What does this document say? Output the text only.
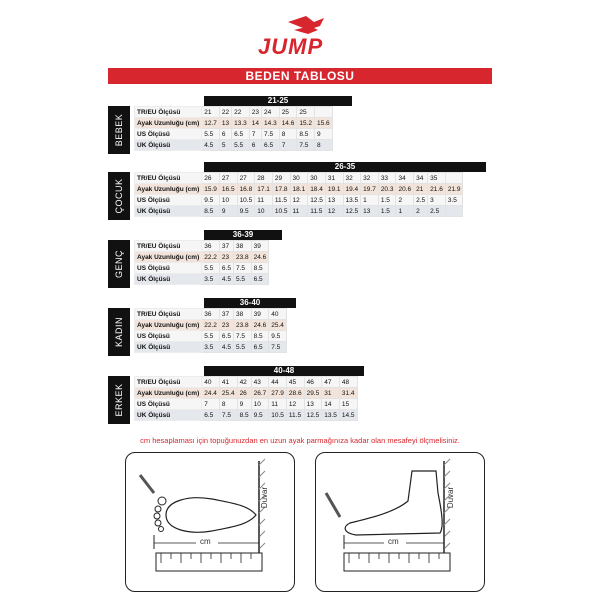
JUMP
BEDEN TABLOSU
21-25
BEBEK
TR/EU Ölçüsü	21	22	22	23	24	25	25	
Ayak Uzunluğu (cm)	12.7	13	13.3	14	14.3	14.6	15.2	15.6
US Ölçüsü	5.5	6	6.5	7	7.5	8	8.5	9
UK Ölçüsü	4.5	5	5.5	6	6.5	7	7.5	8
26-35
ÇOCUK
TR/EU Ölçüsü	26	27	27	28	29	30	30	31	32	32	33	34	34	35	
Ayak Uzunluğu (cm)	15.9	16.5	16.8	17.1	17.8	18.1	18.4	19.1	19.4	19.7	20.3	20.6	21	21.6	21.9
US Ölçüsü	9.5	10	10.5	11	11.5	12	12.5	13	13.5	1	1.5	2	2.5	3	3.5
UK Ölçüsü	8.5	9	9.5	10	10.5	11	11.5	12	12.5	13	1.5	1	2	2.5	
36-39
GENÇ
TR/EU Ölçüsü	36	37	38	39
Ayak Uzunluğu (cm)	22.2	23	23.8	24.6
US Ölçüsü	5.5	6.5	7.5	8.5
UK Ölçüsü	3.5	4.5	5.5	6.5
36-40
KADIN
TR/EU Ölçüsü	36	37	38	39	40
Ayak Uzunluğu (cm)	22.2	23	23.8	24.6	25.4
US Ölçüsü	5.5	6.5	7.5	8.5	9.5
UK Ölçüsü	3.5	4.5	5.5	6.5	7.5
40-48
ERKEK
TR/EU Ölçüsü	40	41	42	43	44	45	46	47	48
Ayak Uzunluğu (cm)	24.4	25.4	26	26.7	27.9	28.6	29.5	31	31.4
US Ölçüsü	7	8	9	10	11	12	13	14	15
UK Ölçüsü	6.5	7.5	8.5	9.5	10.5	11.5	12.5	13.5	14.5
cm hesaplaması için topuğunuzdan en uzun ayak parmağınıza kadar olan mesafeyi ölçmelisiniz.
cm
Duvar
cm
Duvar
